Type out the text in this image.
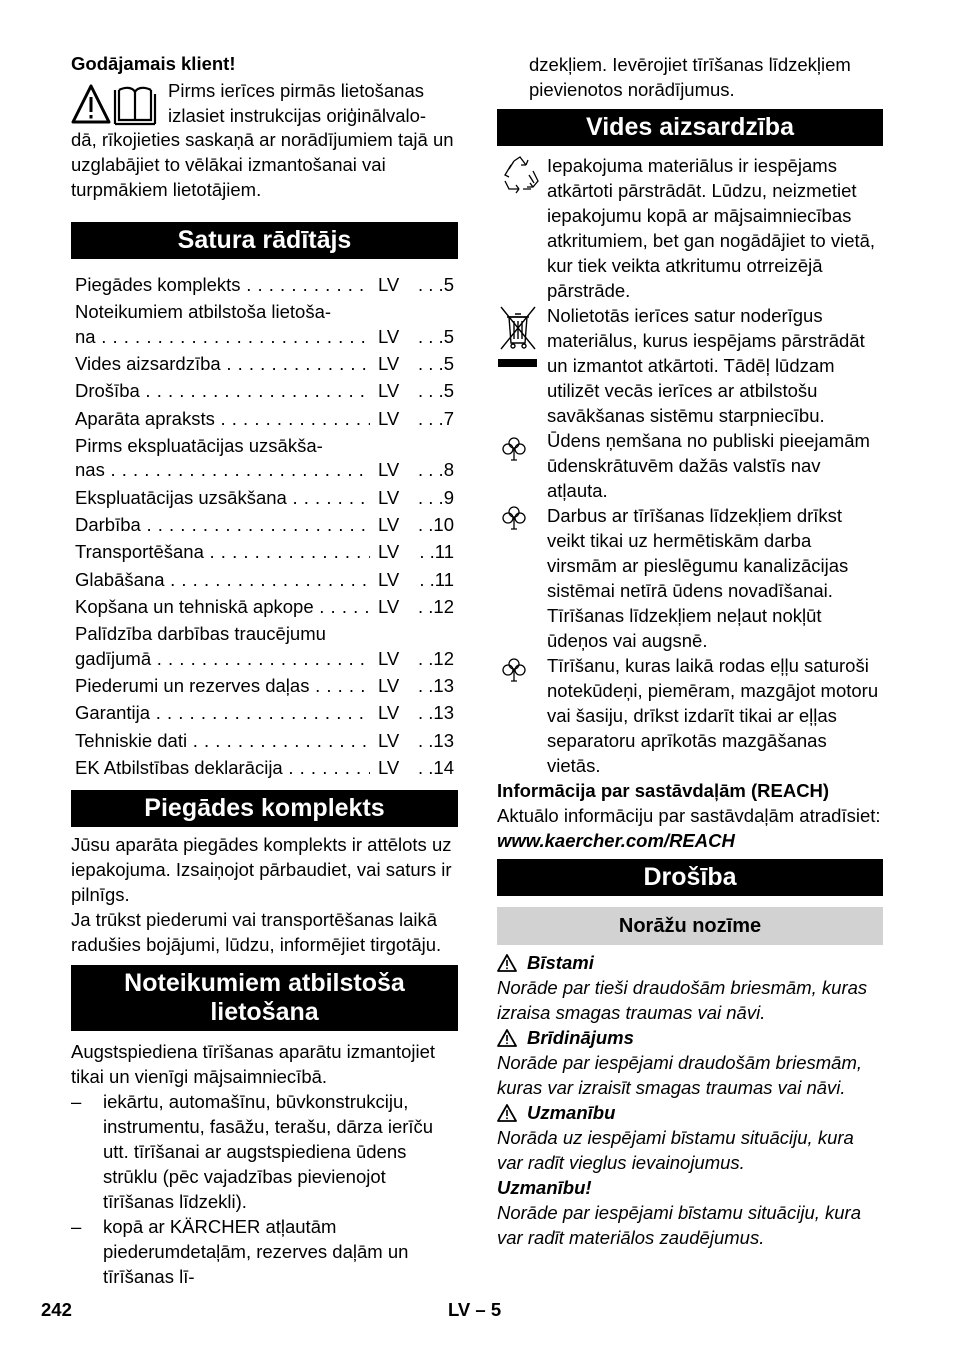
Godājamais klient!

Pirms ierīces pirmās lietošanas

izlasiet instrukcijas oriģinālvalo-

dā, rīkojieties saskaņā ar norādījumiem tajā un uzglabājiet to vēlākai izmantošanai vai turpmākiem lietotājiem.

Satura rādītājs
Piegādes komplekts . . .	LV	. . .5
Noteikumiem atbilstoša lietoša-
na . . .	LV	. . .5
Vides aizsardzība . . .	LV	. . .5
Drošība . . .	LV	. . .5
Aparāta apraksts . . .	LV	. . .7
Pirms ekspluatācijas uzsākša-
nas . . .	LV	. . .8
Ekspluatācijas uzsākšana . . .	LV	. . .9
Darbība . . .	LV	. .10
Transportēšana . . .	LV	. .11
Glabāšana . . .	LV	. .11
Kopšana un tehniskā apkope . . .	LV	. .12
Palīdzība darbības traucējumu
gadījumā . . .	LV	. .12
Piederumi un rezerves daļas . . .	LV	. .13
Garantija . . .	LV	. .13
Tehniskie dati . . .	LV	. .13
EK Atbilstības deklarācija . . .	LV	. .14
Piegādes komplekts

Jūsu aparāta piegādes komplekts ir attēlots uz iepakojuma. Izsaiņojot pārbaudiet, vai saturs ir pilnīgs.

Ja trūkst piederumi vai transportēšanas laikā radušies bojājumi, lūdzu, informējiet tirgotāju.

Noteikumiem atbilstoša
lietošana

Augstspiediena tīrīšanas aparātu izmantojiet tikai un vienīgi mājsaimniecībā.

–	iekārtu, automašīnu, būvkonstrukciju, instrumentu, fasāžu, terašu, dārza ierīču utt. tīrīšanai ar augstspiediena ūdens strūklu (pēc vajadzības pievienojot tīrīšanas līdzekli).

–	kopā ar KÄRCHER atļautām piederumdetaļām, rezerves daļām un tīrīšanas lī-

dzekļiem. Ievērojiet tīrīšanas līdzekļiem pievienotos norādījumus.

Vides aizsardzība

Iepakojuma materiālus ir iespējams atkārtoti pārstrādāt. Lūdzu, neizmetiet iepakojumu kopā ar mājsaimniecības atkritumiem, bet gan nogādājiet to vietā, kur tiek veikta atkritumu otrreizējā pārstrāde.

Nolietotās ierīces satur noderīgus materiālus, kurus iespējams pārstrādāt un izmantot atkārtoti. Tādēļ lūdzam utilizēt vecās ierīces ar atbilstošu savākšanas sistēmu starpniecību.

Ūdens ņemšana no publiski pieejamām ūdenskrātuvēm dažās valstīs nav atļauta.

Darbus ar tīrīšanas līdzekļiem drīkst veikt tikai uz hermētiskām darba virsmām ar pieslēgumu kanalizācijas sistēmai netīrā ūdens novadīšanai. Tīrīšanas līdzekļiem neļaut nokļūt ūdeņos vai augsnē.

Tīrīšanu, kuras laikā rodas eļļu saturoši notekūdeņi, piemēram, mazgājot motoru vai šasiju, drīkst izdarīt tikai ar eļļas separatoru aprīkotās mazgāšanas vietās.

Informācija par sastāvdaļām (REACH)

Aktuālo informāciju par sastāvdaļām atradīsiet:

www.kaercher.com/REACH

Drošība
Norāžu nozīme
Bīstami

Norāde par tieši draudošām briesmām, kuras izraisa smagas traumas vai nāvi.

Brīdinājums

Norāde par iespējami draudošām briesmām, kuras var izraisīt smagas traumas vai nāvi.

Uzmanību

Norāda uz iespējami bīstamu situāciju, kura var radīt vieglus ievainojumus.

Uzmanību!

Norāde par iespējami bīstamu situāciju, kura var radīt materiālos zaudējumus.

242	LV – 5
